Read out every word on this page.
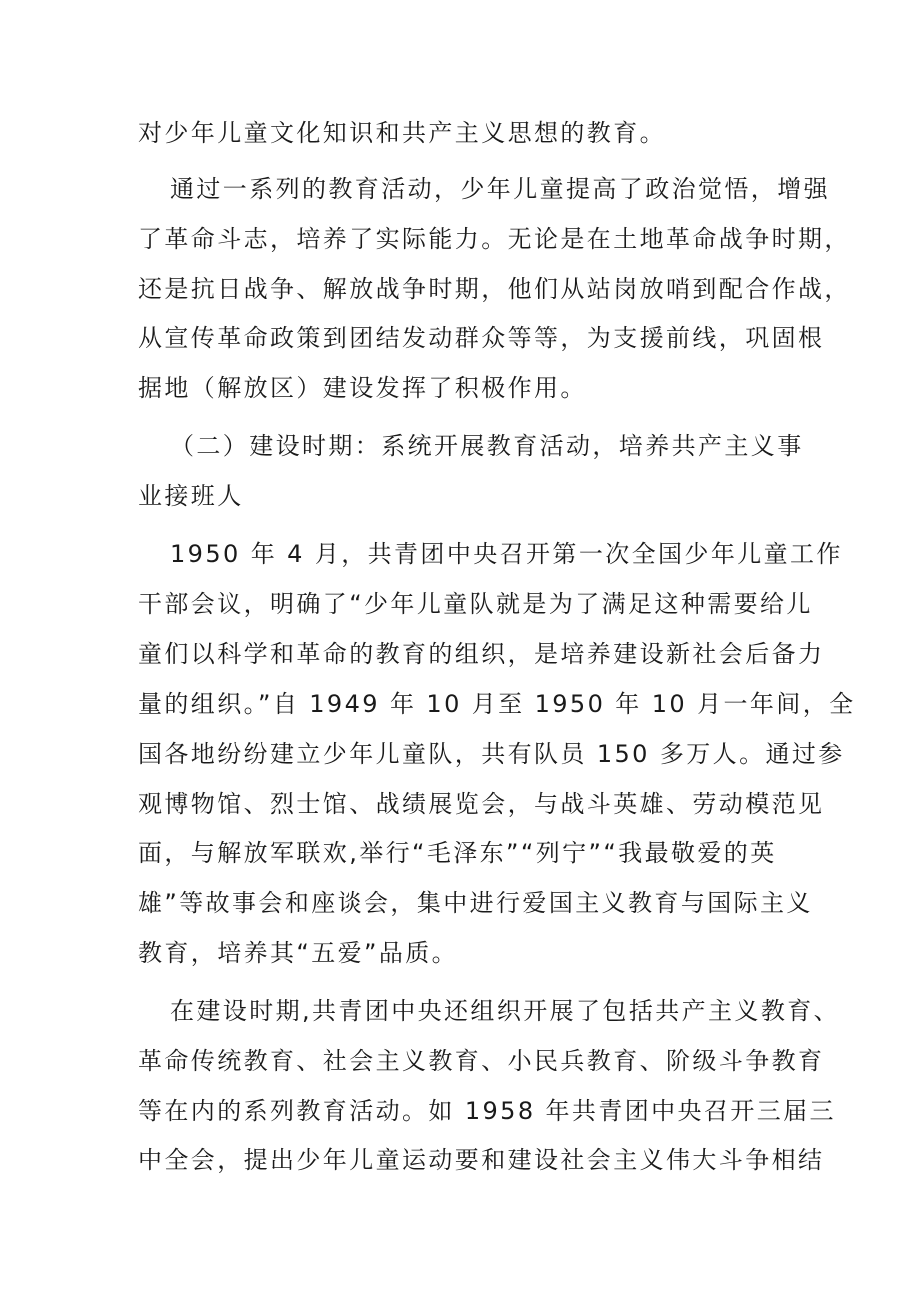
对少年儿童文化知识和共产主义思想的教育。
通过一系列的教育活动，少年儿童提高了政治觉悟，增强
了革命斗志，培养了实际能力。无论是在土地革命战争时期，
还是抗日战争、解放战争时期，他们从站岗放哨到配合作战，
从宣传革命政策到团结发动群众等等，为支援前线，巩固根
据地（解放区）建设发挥了积极作用。
（二）建设时期：系统开展教育活动，培养共产主义事
业接班人
1950 年 4 月，共青团中央召开第一次全国少年儿童工作
干部会议，明确了“少年儿童队就是为了满足这种需要给儿
童们以科学和革命的教育的组织，是培养建设新社会后备力
量的组织。”自 1949 年 10 月至 1950 年 10 月一年间，全
国各地纷纷建立少年儿童队，共有队员 150 多万人。通过参
观博物馆、烈士馆、战绩展览会，与战斗英雄、劳动模范见
面，与解放军联欢,举行“毛泽东”“列宁”“我最敬爱的英
雄”等故事会和座谈会，集中进行爱国主义教育与国际主义
教育，培养其“五爱”品质。
在建设时期,共青团中央还组织开展了包括共产主义教育、
革命传统教育、社会主义教育、小民兵教育、阶级斗争教育
等在内的系列教育活动。如 1958 年共青团中央召开三届三
中全会，提出少年儿童运动要和建设社会主义伟大斗争相结
